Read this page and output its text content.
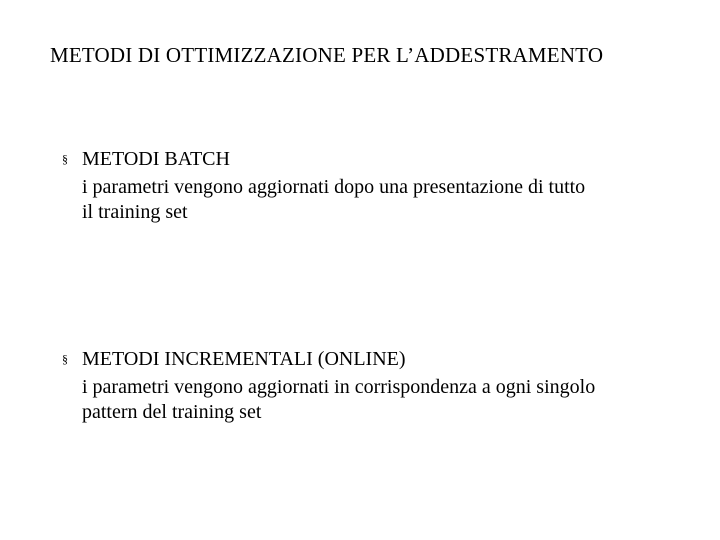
METODI DI OTTIMIZZAZIONE PER L’ADDESTRAMENTO
§ METODI BATCH
i parametri vengono aggiornati dopo una presentazione di tutto
il training set
§ METODI INCREMENTALI (ONLINE)
i parametri vengono aggiornati in corrispondenza a ogni singolo
pattern del training set
